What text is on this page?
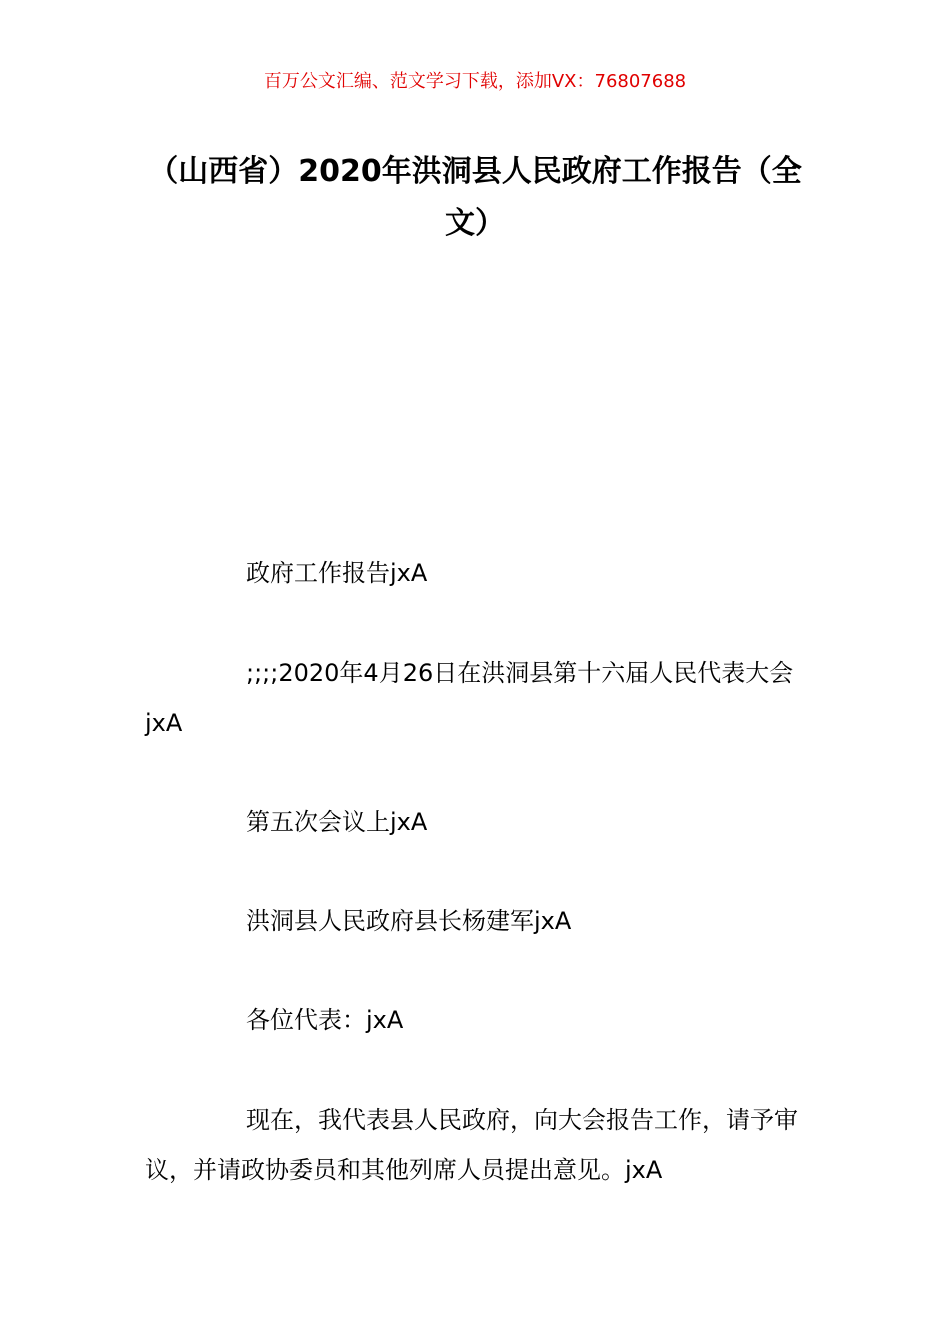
百万公文汇编、范文学习下载，添加VX：76807688
（山西省）2020年洪洞县人民政府工作报告（全文）
政府工作报告jxA
;;;;2020年4月26日在洪洞县第十六届人民代表大会jxA
第五次会议上jxA
洪洞县人民政府县长杨建军jxA
各位代表：jxA
现在，我代表县人民政府，向大会报告工作，请予审议，并请政协委员和其他列席人员提出意见。jxA
